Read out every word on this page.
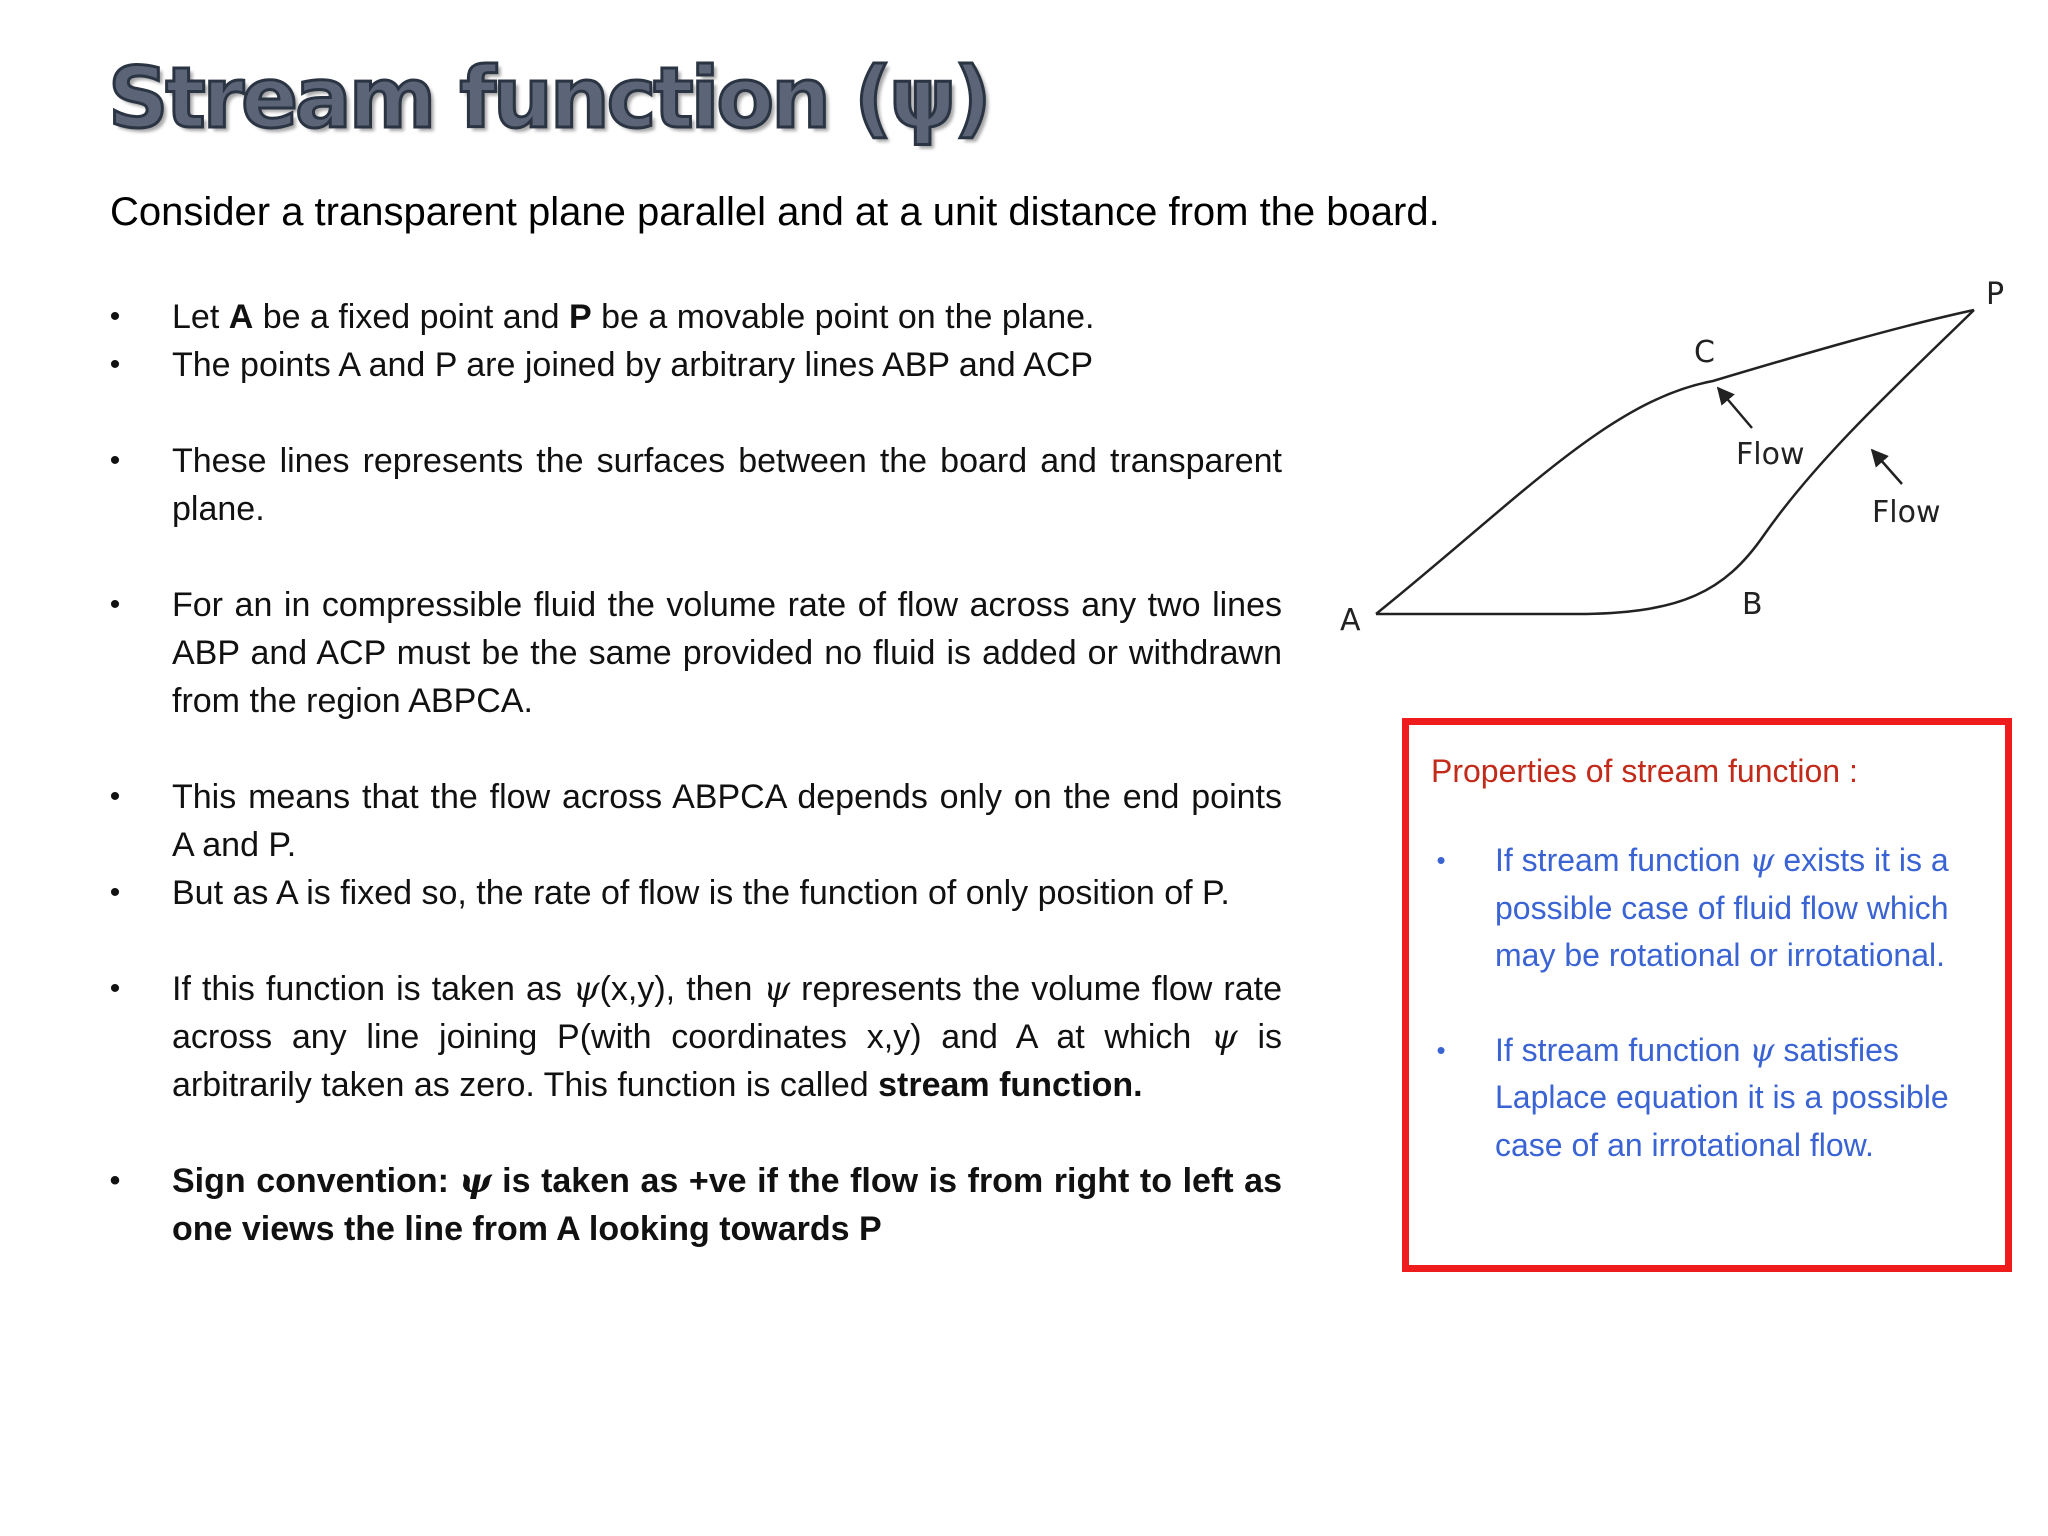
Stream function (ψ)

Consider a transparent plane parallel and at a unit distance from the board.

• Let A be a fixed point and P be a movable point on the plane.
• The points A and P are joined by arbitrary lines ABP and ACP
• These lines represents the surfaces between the board and transparent plane.
• For an in compressible fluid the volume rate of flow across any two lines ABP and ACP must be the same provided no fluid is added or withdrawn from the region ABPCA.
• This means that the flow across ABPCA depends only on the end points A and P.
• But as A is fixed so, the rate of flow is the function of only position of P.
• If this function is taken as ψ(x,y), then ψ represents the volume flow rate across any line joining P(with coordinates x,y) and A at which ψ is arbitrarily taken as zero. This function is called stream function.
• Sign convention: ψ is taken as +ve if the flow is from right to left as one views the line from A looking towards P
A	B
C
P
Flow
Flow

Properties of stream function :

• If stream function ψ exists it is a possible case of fluid flow which may be rotational or irrotational.
• If stream function ψ satisfies Laplace equation it is a possible case of an irrotational flow.
